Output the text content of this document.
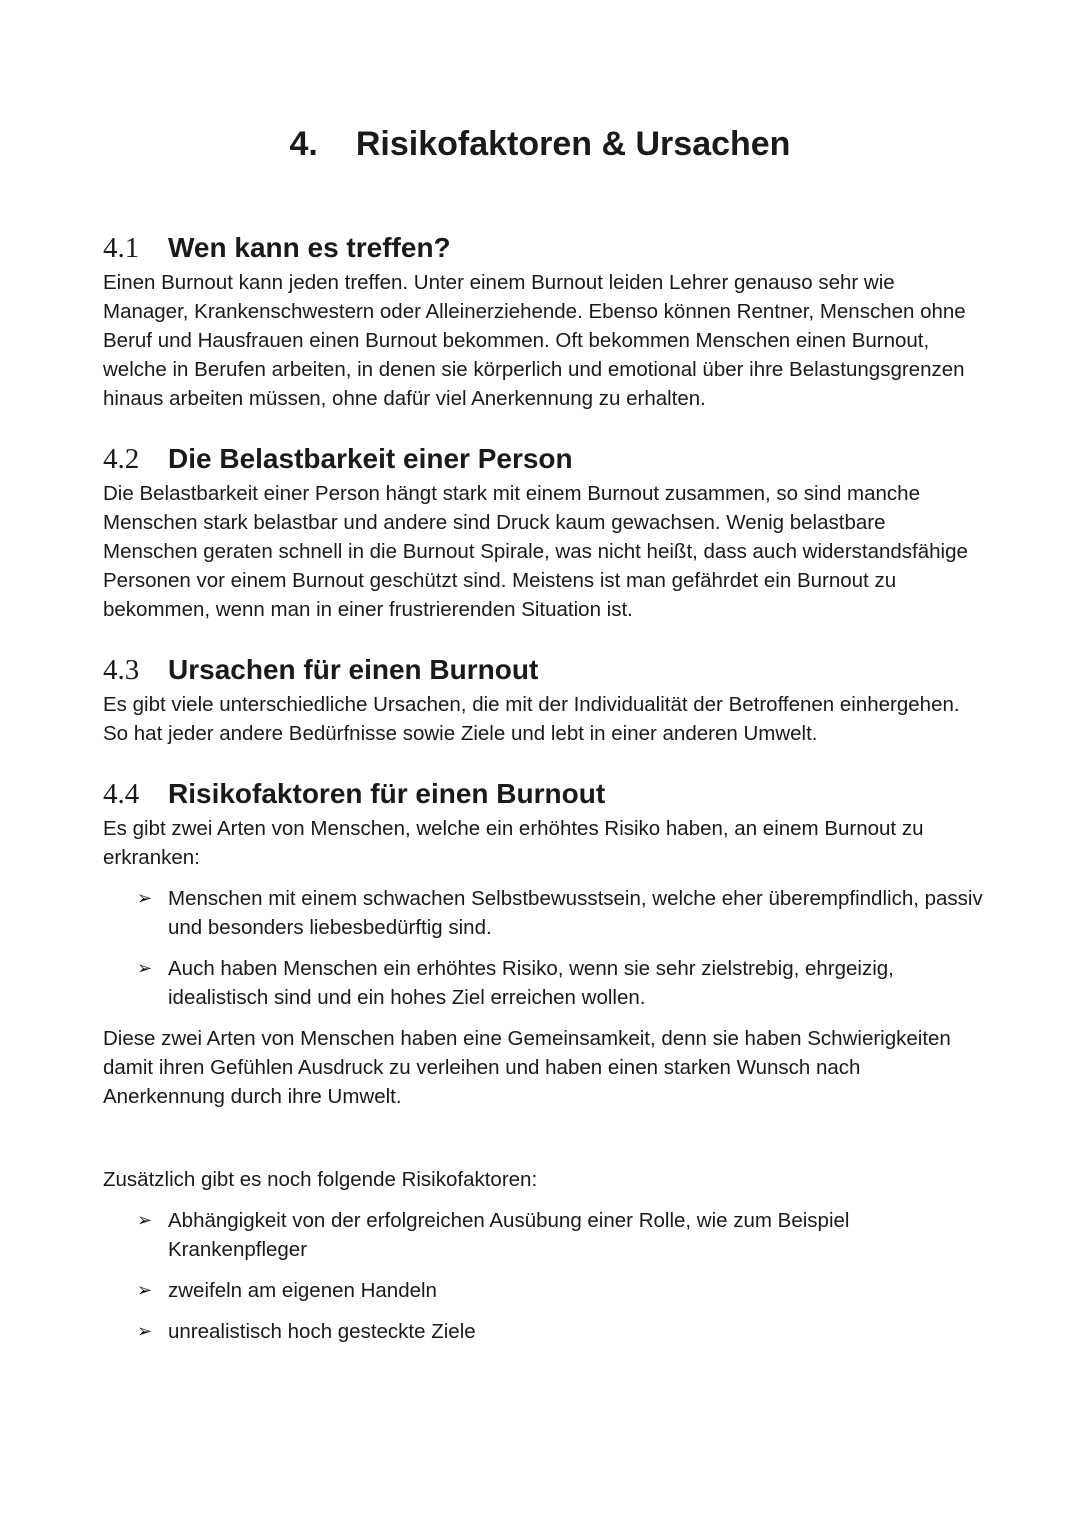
4. Risikofaktoren & Ursachen
4.1	Wen kann es treffen?

Einen Burnout kann jeden treffen. Unter einem Burnout leiden Lehrer genauso sehr wie Manager, Krankenschwestern oder Alleinerziehende. Ebenso können Rentner, Menschen ohne Beruf und Hausfrauen einen Burnout bekommen. Oft bekommen Menschen einen Burnout, welche in Berufen arbeiten, in denen sie körperlich und emotional über ihre Belastungsgrenzen hinaus arbeiten müssen, ohne dafür viel Anerkennung zu erhalten.

4.2	Die Belastbarkeit einer Person

Die Belastbarkeit einer Person hängt stark mit einem Burnout zusammen, so sind manche Menschen stark belastbar und andere sind Druck kaum gewachsen. Wenig belastbare Menschen geraten schnell in die Burnout Spirale, was nicht heißt, dass auch widerstandsfähige Personen vor einem Burnout geschützt sind. Meistens ist man gefährdet ein Burnout zu bekommen, wenn man in einer frustrierenden Situation ist.

4.3	Ursachen für einen Burnout

Es gibt viele unterschiedliche Ursachen, die mit der Individualität der Betroffenen einhergehen. So hat jeder andere Bedürfnisse sowie Ziele und lebt in einer anderen Umwelt.

4.4	Risikofaktoren für einen Burnout

Es gibt zwei Arten von Menschen, welche ein erhöhtes Risiko haben, an einem Burnout zu erkranken:

➢ Menschen mit einem schwachen Selbstbewusstsein, welche eher überempfindlich, passiv und besonders liebesbedürftig sind.
➢ Auch haben Menschen ein erhöhtes Risiko, wenn sie sehr zielstrebig, ehrgeizig, idealistisch sind und ein hohes Ziel erreichen wollen.

Diese zwei Arten von Menschen haben eine Gemeinsamkeit, denn sie haben Schwierigkeiten damit ihren Gefühlen Ausdruck zu verleihen und haben einen starken Wunsch nach Anerkennung durch ihre Umwelt.

Zusätzlich gibt es noch folgende Risikofaktoren:

➢ Abhängigkeit von der erfolgreichen Ausübung einer Rolle, wie zum Beispiel Krankenpfleger
➢ zweifeln am eigenen Handeln
➢ unrealistisch hoch gesteckte Ziele
